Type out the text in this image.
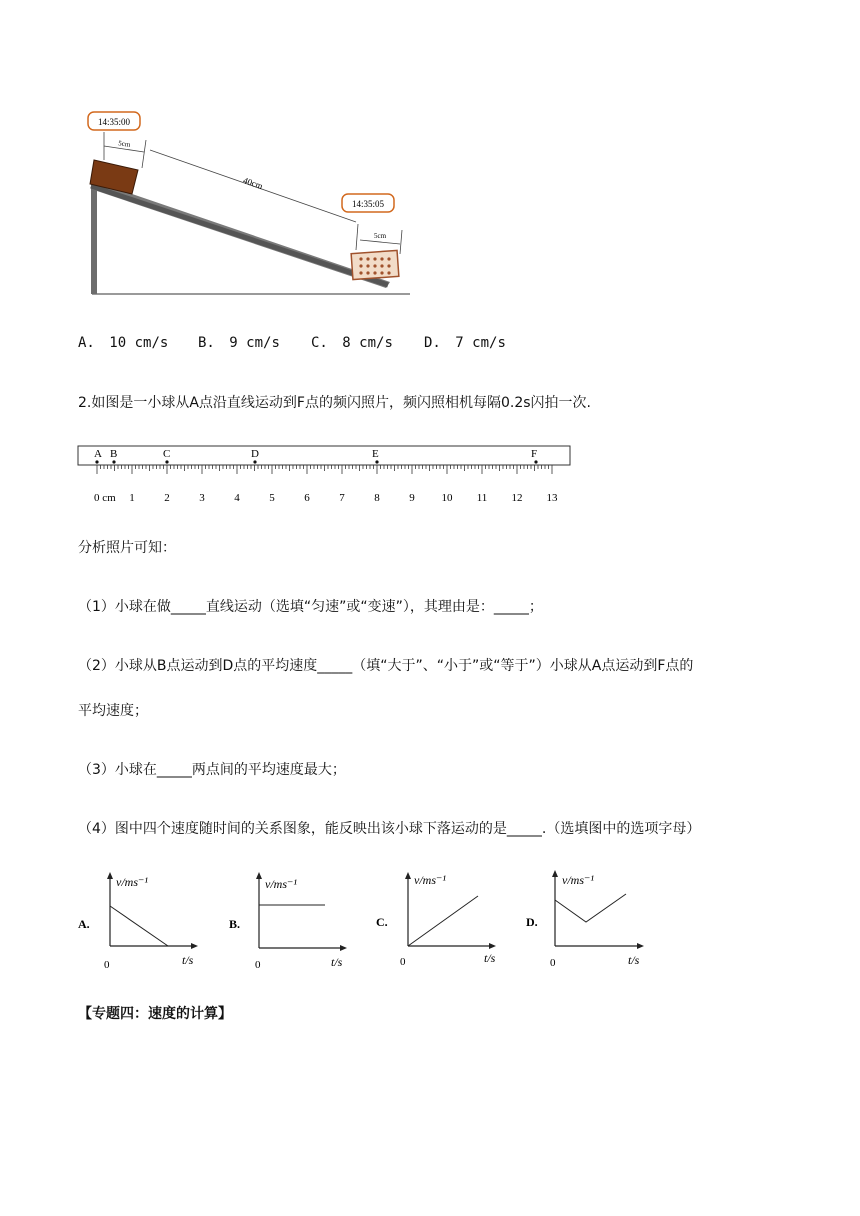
14:35:00
14:35:05
5cm
40cm
5cm
A. 10 cm/s B. 9 cm/s C. 8 cm/s D. 7 cm/s
2.如图是一小球从A点沿直线运动到F点的频闪照片，频闪照相机每隔0.2s闪拍一次.
A B	C	D	E	F
0 cm 1	2	3	4	5	6	7	8	9 10 11 12 13
分析照片可知：
（1）小球在做_____直线运动（选填“匀速”或“变速”），其理由是：_____；
（2）小球从B点运动到D点的平均速度_____（填“大于”、“小于”或“等于”）小球从A点运动到F点的
平均速度；
（3）小球在_____两点间的平均速度最大；
（4）图中四个速度随时间的关系图象，能反映出该小球下落运动的是_____.（选填图中的选项字母）
A.
v/ms⁻¹
t/s
0
B.
v/ms⁻¹
t/s
0
C.
v/ms⁻¹
t/s
0
D.
v/ms⁻¹
t/s
0
【专题四：速度的计算】
